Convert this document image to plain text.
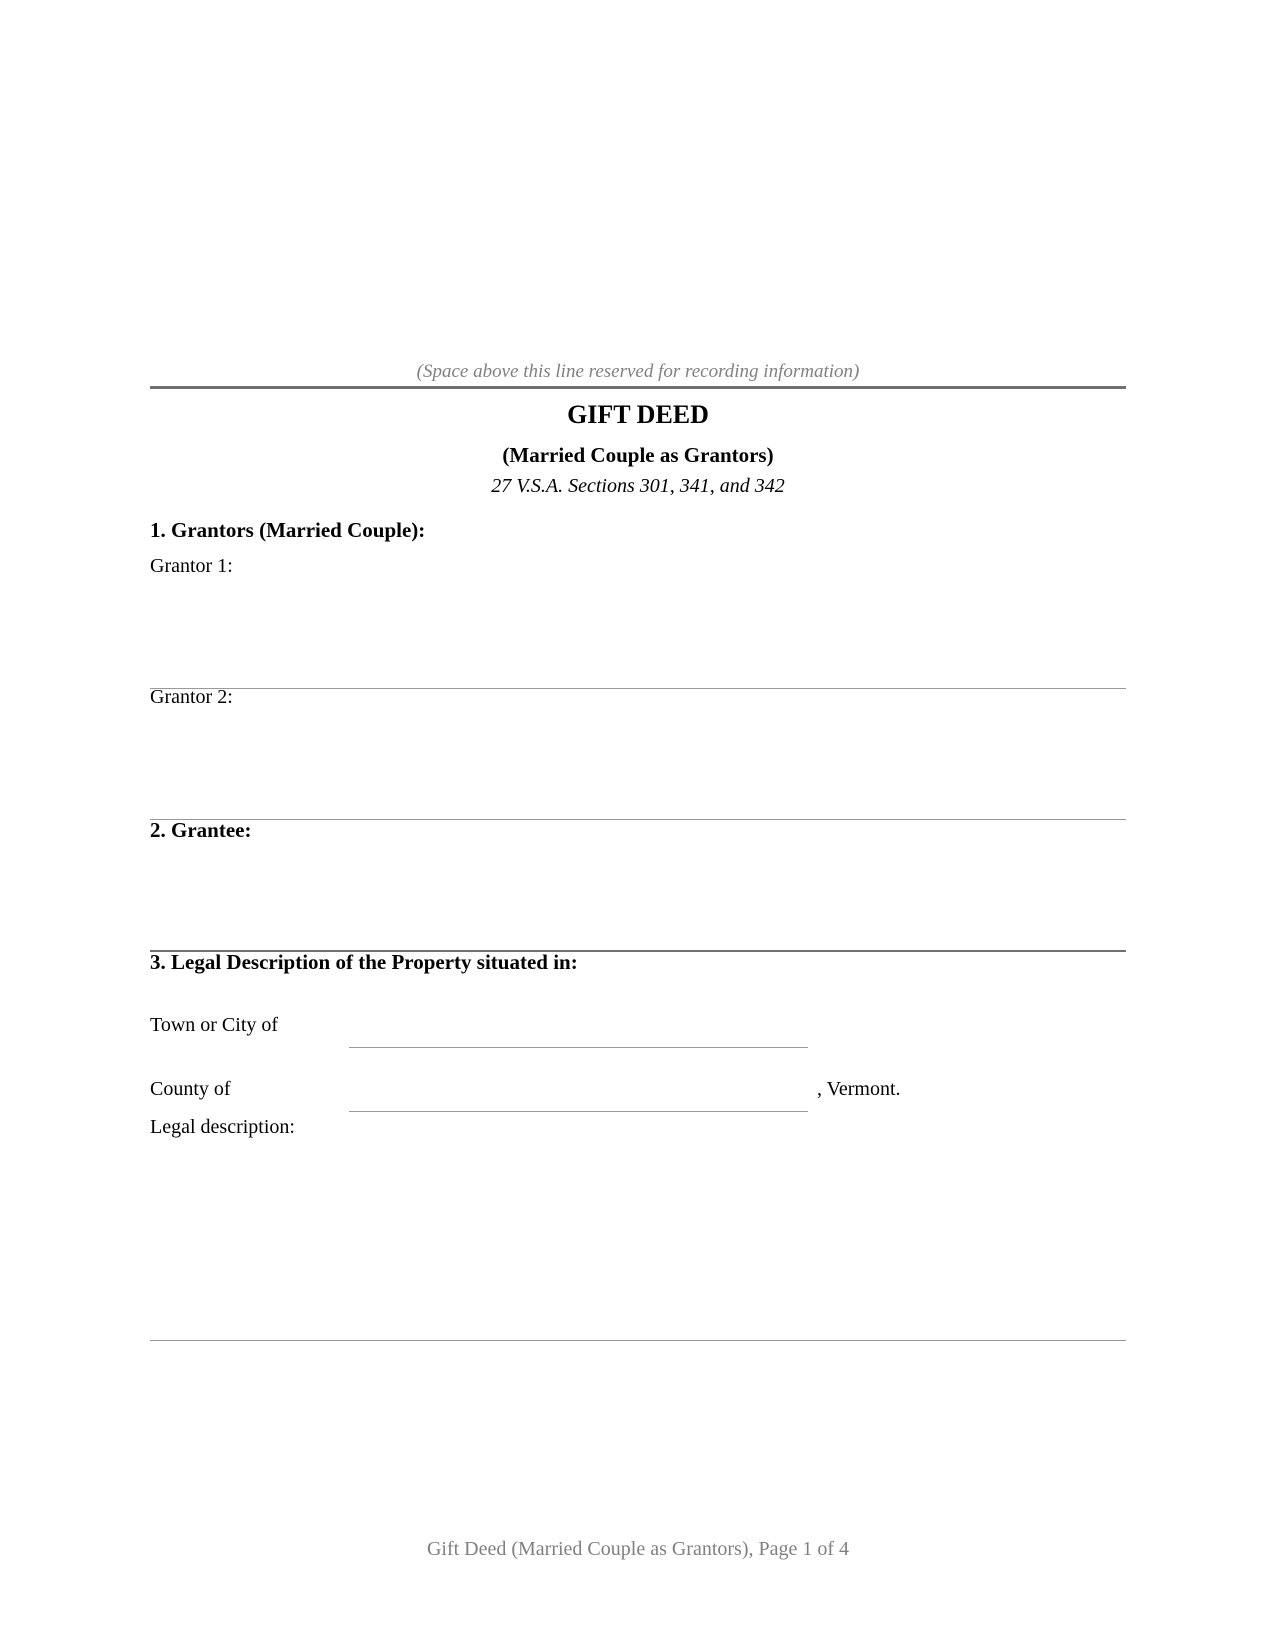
(Space above this line reserved for recording information)
GIFT DEED
(Married Couple as Grantors)
27 V.S.A. Sections 301, 341, and 342
1. Grantors (Married Couple):
Grantor 1:
Grantor 2:
2. Grantee:
3. Legal Description of the Property situated in:
Town or City of
County of	, Vermont.
Legal description:
Gift Deed (Married Couple as Grantors), Page 1 of 4
